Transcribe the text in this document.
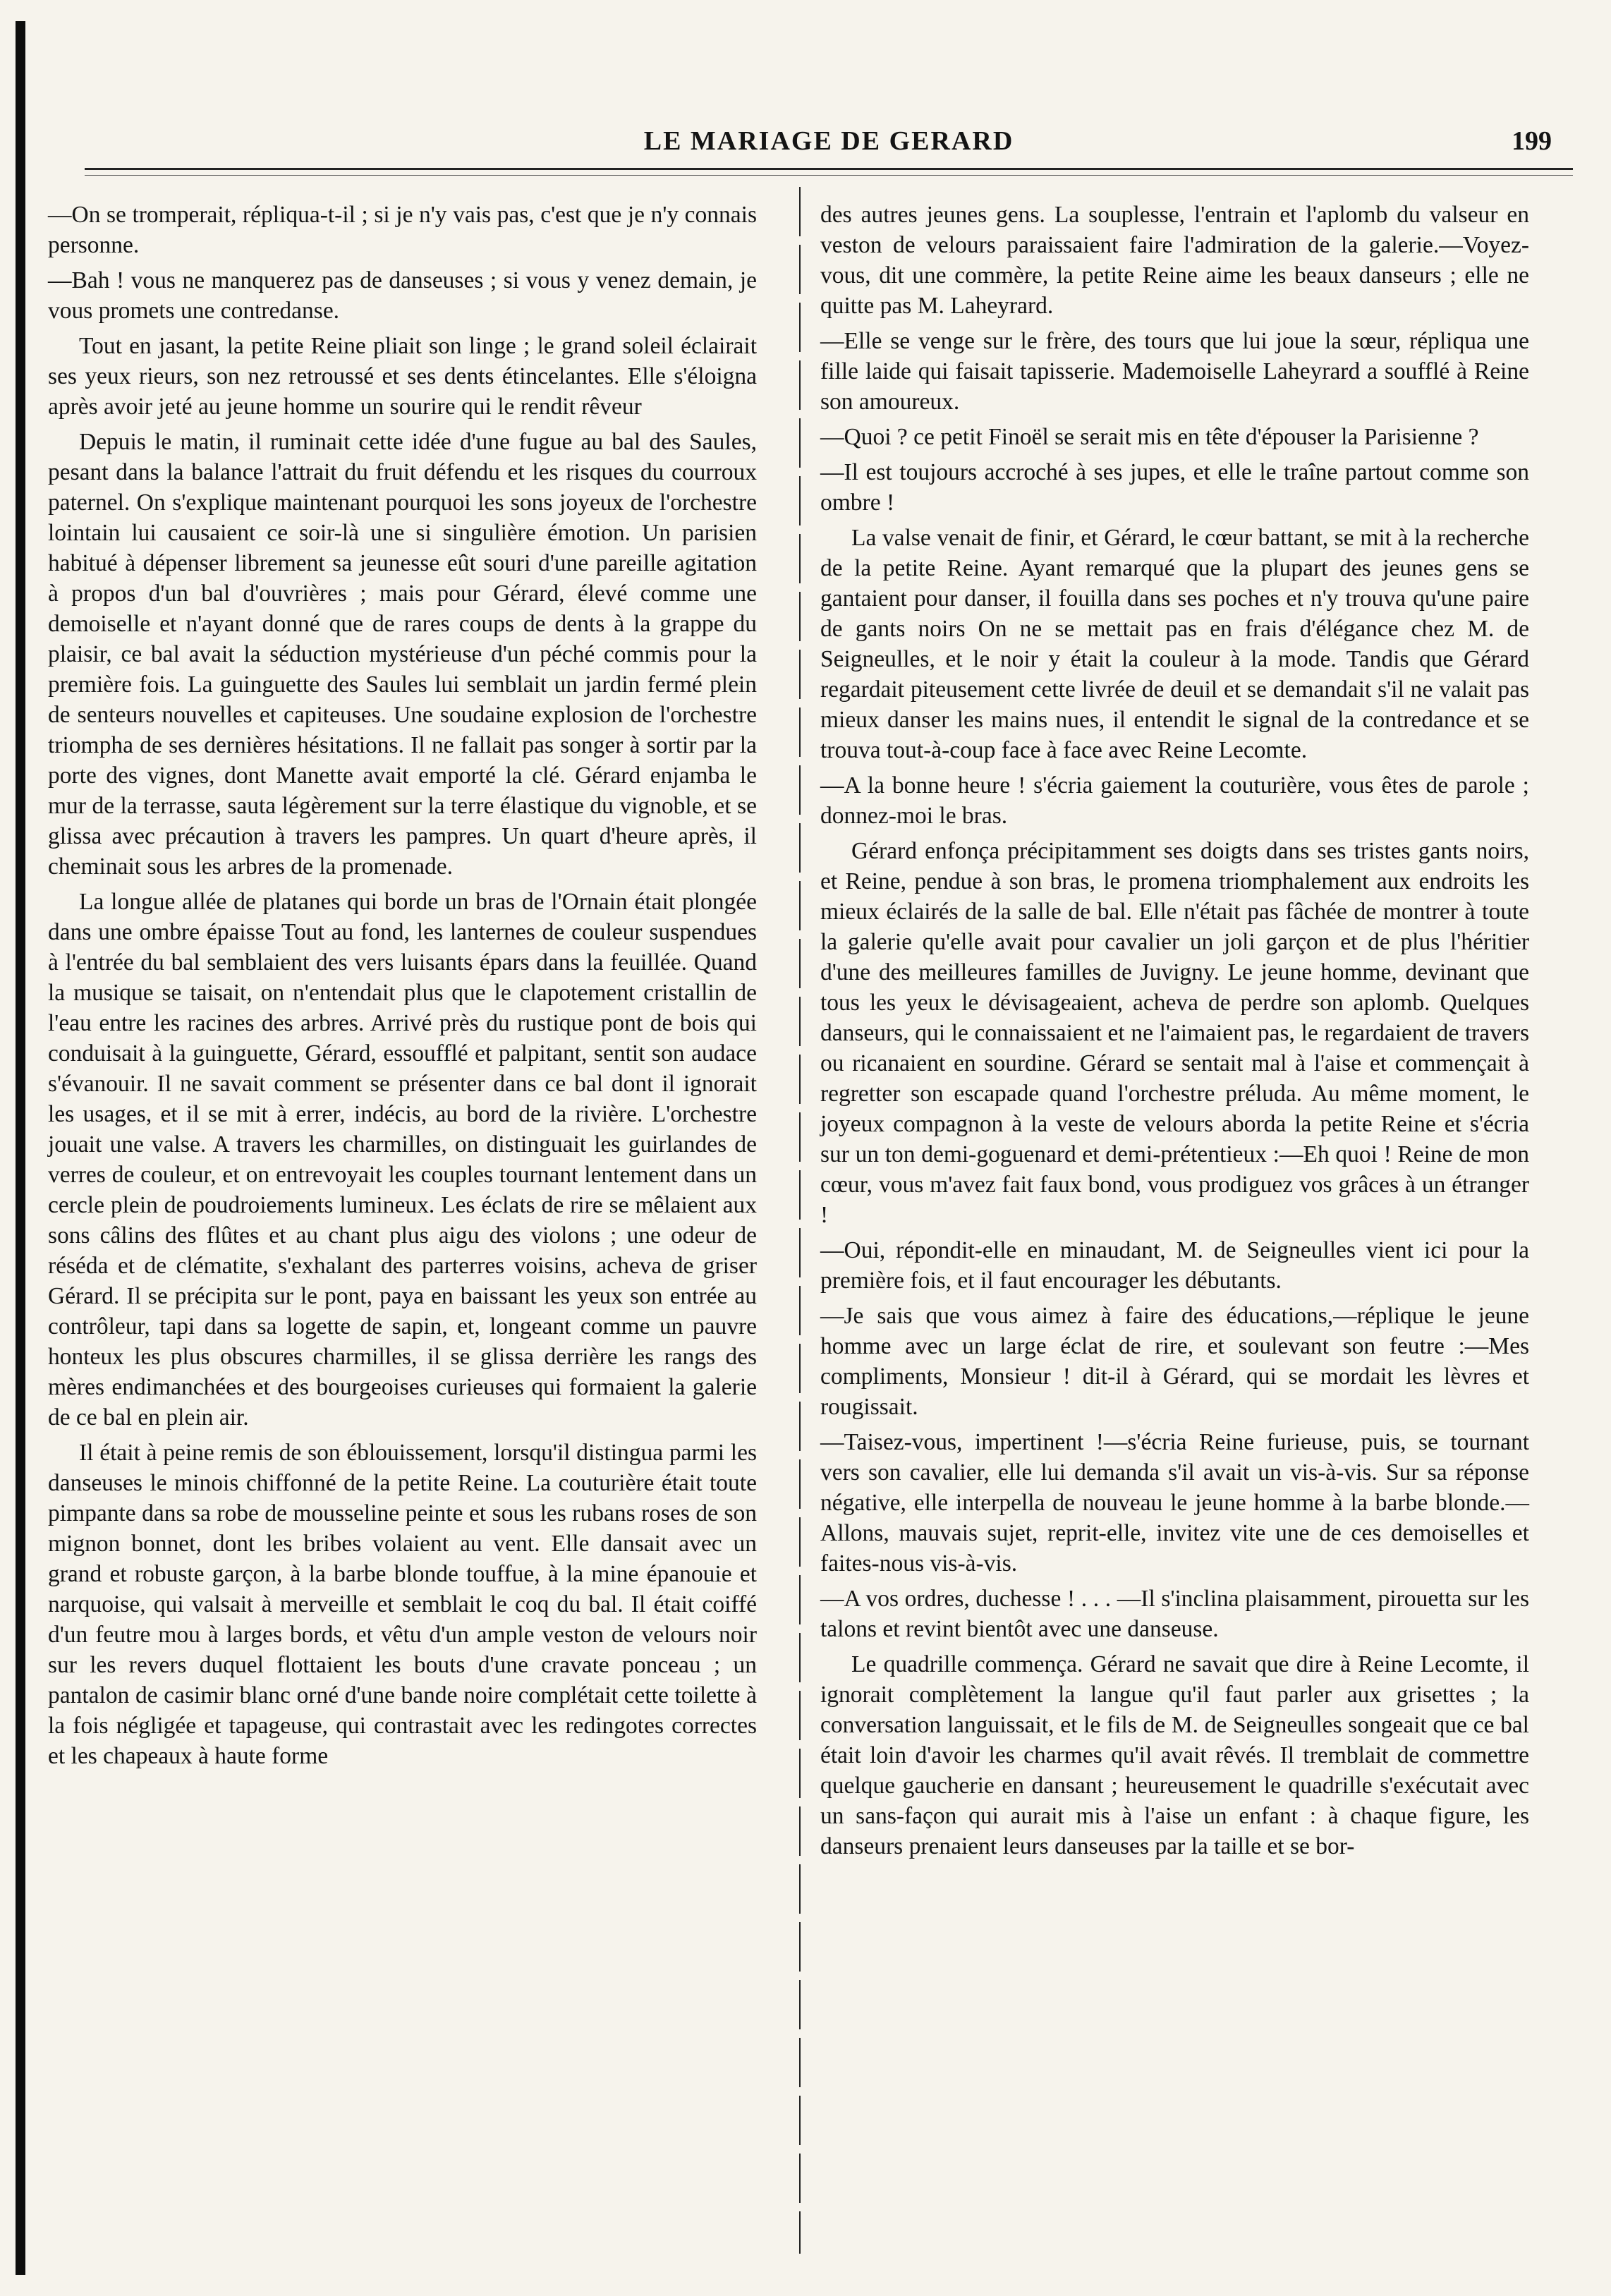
LE MARIAGE DE GERARD	199

—On se tromperait, répliqua-t-il ; si je n'y vais pas, c'est que je n'y connais personne.

—Bah ! vous ne manquerez pas de danseuses ; si vous y venez demain, je vous promets une contredanse.

Tout en jasant, la petite Reine pliait son linge ; le grand soleil éclairait ses yeux rieurs, son nez retroussé et ses dents étincelantes. Elle s'éloigna après avoir jeté au jeune homme un sourire qui le rendit rêveur

Depuis le matin, il ruminait cette idée d'une fugue au bal des Saules, pesant dans la balance l'attrait du fruit défendu et les risques du courroux paternel. On s'explique maintenant pourquoi les sons joyeux de l'orchestre lointain lui causaient ce soir-là une si singulière émotion. Un parisien habitué à dépenser librement sa jeunesse eût souri d'une pareille agitation à propos d'un bal d'ouvrières ; mais pour Gérard, élevé comme une demoiselle et n'ayant donné que de rares coups de dents à la grappe du plaisir, ce bal avait la séduction mystérieuse d'un péché commis pour la première fois. La guinguette des Saules lui semblait un jardin fermé plein de senteurs nouvelles et capiteuses. Une soudaine explosion de l'orchestre triompha de ses dernières hésitations. Il ne fallait pas songer à sortir par la porte des vignes, dont Manette avait emporté la clé. Gérard enjamba le mur de la terrasse, sauta légèrement sur la terre élastique du vignoble, et se glissa avec précaution à travers les pampres. Un quart d'heure après, il cheminait sous les arbres de la promenade.

La longue allée de platanes qui borde un bras de l'Ornain était plongée dans une ombre épaisse Tout au fond, les lanternes de couleur suspendues à l'entrée du bal semblaient des vers luisants épars dans la feuillée. Quand la musique se taisait, on n'entendait plus que le clapotement cristallin de l'eau entre les racines des arbres. Arrivé près du rustique pont de bois qui conduisait à la guinguette, Gérard, essoufflé et palpitant, sentit son audace s'évanouir. Il ne savait comment se présenter dans ce bal dont il ignorait les usages, et il se mit à errer, indécis, au bord de la rivière. L'orchestre jouait une valse. A travers les charmilles, on distinguait les guirlandes de verres de couleur, et on entrevoyait les couples tournant lentement dans un cercle plein de poudroiements lumineux. Les éclats de rire se mêlaient aux sons câlins des flûtes et au chant plus aigu des violons ; une odeur de réséda et de clématite, s'exhalant des parterres voisins, acheva de griser Gérard. Il se précipita sur le pont, paya en baissant les yeux son entrée au contrôleur, tapi dans sa logette de sapin, et, longeant comme un pauvre honteux les plus obscures charmilles, il se glissa derrière les rangs des mères endimanchées et des bourgeoises curieuses qui formaient la galerie de ce bal en plein air.

Il était à peine remis de son éblouissement, lorsqu'il distingua parmi les danseuses le minois chiffonné de la petite Reine. La couturière était toute pimpante dans sa robe de mousseline peinte et sous les rubans roses de son mignon bonnet, dont les bribes volaient au vent. Elle dansait avec un grand et robuste garçon, à la barbe blonde touffue, à la mine épanouie et narquoise, qui valsait à merveille et semblait le coq du bal. Il était coiffé d'un feutre mou à larges bords, et vêtu d'un ample veston de velours noir sur les revers duquel flottaient les bouts d'une cravate ponceau ; un pantalon de casimir blanc orné d'une bande noire complétait cette toilette à la fois négligée et tapageuse, qui contrastait avec les redingotes correctes et les chapeaux à haute forme

des autres jeunes gens. La souplesse, l'entrain et l'aplomb du valseur en veston de velours paraissaient faire l'admiration de la galerie.—Voyez-vous, dit une commère, la petite Reine aime les beaux danseurs ; elle ne quitte pas M. Laheyrard.

—Elle se venge sur le frère, des tours que lui joue la sœur, répliqua une fille laide qui faisait tapisserie. Mademoiselle Laheyrard a soufflé à Reine son amoureux.

—Quoi ? ce petit Finoël se serait mis en tête d'épouser la Parisienne ?

—Il est toujours accroché à ses jupes, et elle le traîne partout comme son ombre !

La valse venait de finir, et Gérard, le cœur battant, se mit à la recherche de la petite Reine. Ayant remarqué que la plupart des jeunes gens se gantaient pour danser, il fouilla dans ses poches et n'y trouva qu'une paire de gants noirs On ne se mettait pas en frais d'élégance chez M. de Seigneulles, et le noir y était la couleur à la mode. Tandis que Gérard regardait piteusement cette livrée de deuil et se demandait s'il ne valait pas mieux danser les mains nues, il entendit le signal de la contredance et se trouva tout-à-coup face à face avec Reine Lecomte.

—A la bonne heure ! s'écria gaiement la couturière, vous êtes de parole ; donnez-moi le bras.

Gérard enfonça précipitamment ses doigts dans ses tristes gants noirs, et Reine, pendue à son bras, le promena triomphalement aux endroits les mieux éclairés de la salle de bal. Elle n'était pas fâchée de montrer à toute la galerie qu'elle avait pour cavalier un joli garçon et de plus l'héritier d'une des meilleures familles de Juvigny. Le jeune homme, devinant que tous les yeux le dévisageaient, acheva de perdre son aplomb. Quelques danseurs, qui le connaissaient et ne l'aimaient pas, le regardaient de travers ou ricanaient en sourdine. Gérard se sentait mal à l'aise et commençait à regretter son escapade quand l'orchestre préluda. Au même moment, le joyeux compagnon à la veste de velours aborda la petite Reine et s'écria sur un ton demi-goguenard et demi-prétentieux :—Eh quoi ! Reine de mon cœur, vous m'avez fait faux bond, vous prodiguez vos grâces à un étranger !

—Oui, répondit-elle en minaudant, M. de Seigneulles vient ici pour la première fois, et il faut encourager les débutants.

—Je sais que vous aimez à faire des éducations,—réplique le jeune homme avec un large éclat de rire, et soulevant son feutre :—Mes compliments, Monsieur ! dit-il à Gérard, qui se mordait les lèvres et rougissait.

—Taisez-vous, impertinent !—s'écria Reine furieuse, puis, se tournant vers son cavalier, elle lui demanda s'il avait un vis-à-vis. Sur sa réponse négative, elle interpella de nouveau le jeune homme à la barbe blonde.—Allons, mauvais sujet, reprit-elle, invitez vite une de ces demoiselles et faites-nous vis-à-vis.

—A vos ordres, duchesse ! . . . —Il s'inclina plaisamment, pirouetta sur les talons et revint bientôt avec une danseuse.

Le quadrille commença. Gérard ne savait que dire à Reine Lecomte, il ignorait complètement la langue qu'il faut parler aux grisettes ; la conversation languissait, et le fils de M. de Seigneulles songeait que ce bal était loin d'avoir les charmes qu'il avait rêvés. Il tremblait de commettre quelque gaucherie en dansant ; heureusement le quadrille s'exécutait avec un sans-façon qui aurait mis à l'aise un enfant : à chaque figure, les danseurs prenaient leurs danseuses par la taille et se bor-
